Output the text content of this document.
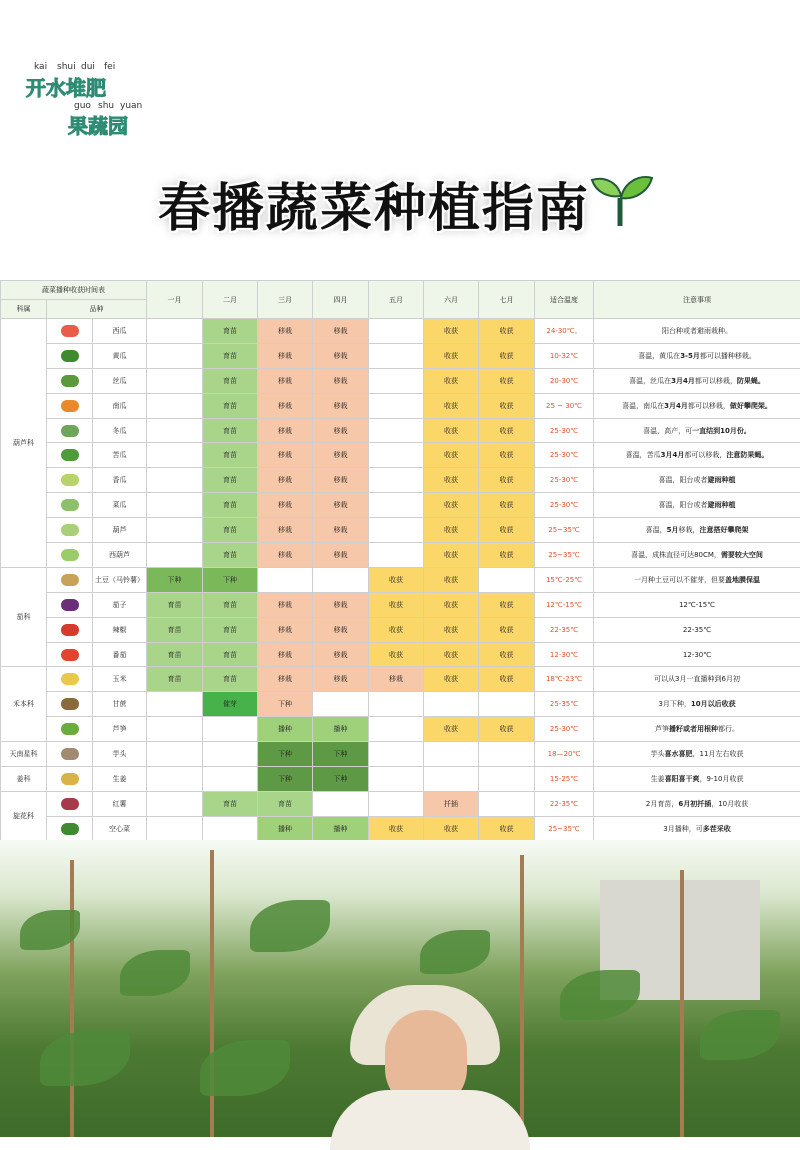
kai shui dui fei
开水堆肥
guo shu yuan
果蔬园
春播蔬菜种植指南
蔬菜播种收获时间表			一月	二月	三月	四月	五月	六月	七月	适合温度	注意事项
科属	品种										
葫芦科		西瓜		育苗	移栽	移栽		收获	收获	24-30℃。	阳台种或者避雨栽种。
		黄瓜		育苗	移栽	移栽		收获	收获	10-32℃	喜温，黄瓜在3-5月都可以播种移栽。
		丝瓜		育苗	移栽	移栽		收获	收获	20-30℃	喜温，丝瓜在3月4月都可以移栽，防果蝇。
		南瓜		育苗	移栽	移栽		收获	收获	25 ~ 30℃	喜温，南瓜在3月4月都可以移栽，做好攀爬架。
		冬瓜		育苗	移栽	移栽		收获	收获	25-30℃	喜温，高产，可一直结到10月份。
		苦瓜		育苗	移栽	移栽		收获	收获	25-30℃	喜温，苦瓜3月4月都可以移栽，注意防果蝇。
		香瓜		育苗	移栽	移栽		收获	收获	25-30℃	喜温，阳台或者避雨种植
		菜瓜		育苗	移栽	移栽		收获	收获	25-30℃	喜温，阳台或者避雨种植
		葫芦		育苗	移栽	移栽		收获	收获	25~35℃	喜温，5月移栽，注意搭好攀爬架
		西葫芦		育苗	移栽	移栽		收获	收获	25~35℃	喜温，成株直径可达80CM，需要较大空间
茄科		土豆（马铃薯）	下种	下种			收获	收获		15℃-25℃	一月种土豆可以不催芽，但要盖地膜保温
		茄子	育苗	育苗	移栽	移栽	收获	收获	收获	12℃-15℃	12℃-15℃
		辣椒	育苗	育苗	移栽	移栽	收获	收获	收获	22-35℃	22-35℃
		番茄	育苗	育苗	移栽	移栽	收获	收获	收获	12-30℃	12-30℃
禾本科		玉米	育苗	育苗	移栽	移栽	移栽	收获	收获	18℃-23℃	可以从3月一直播种到6月初
		甘蔗		催芽	下种					25-35℃	3月下种，10月以后收获
		芦笋			播种	播种		收获	收获	25-30℃	芦笋播籽或者用根种都行。
天南星科		芋头			下种	下种				18—20℃	芋头喜水喜肥，11月左右收获
姜科		生姜			下种	下种				15-25℃	生姜喜阳喜干爽，9-10月收获
旋花科		红薯		育苗	育苗			扦插		22-35℃	2月育苗，6月初扦插，10月收获
		空心菜			播种	播种	收获	收获	收获	25~35℃	3月播种，可多茬采收
